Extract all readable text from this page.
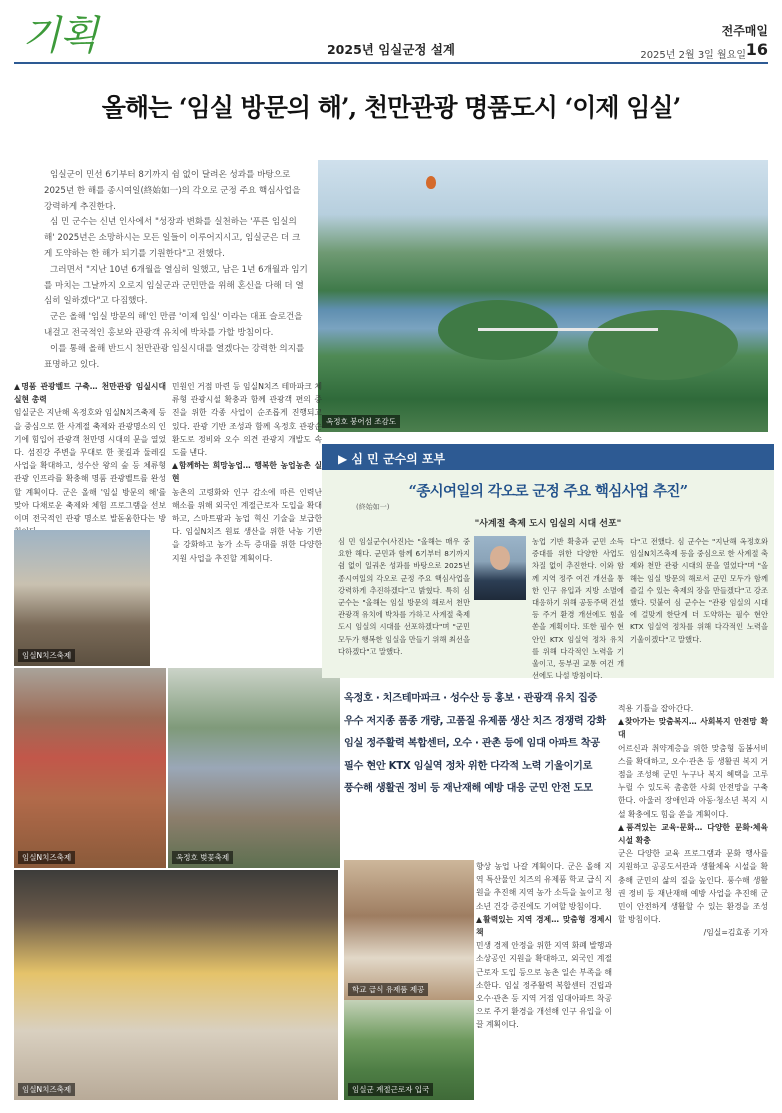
기획	2025년 임실군정 설계
전주매일
2025년 2월 3일 월요일 16
올해는 ‘임실 방문의 해’, 천만관광 명품도시 ‘이제 임실’

임실군이 민선 6기부터 8기까지 쉼 없이 달려온 성과를 바탕으로 2025년 한 해를 종시여일(終始如一)의 각오로 군정 주요 핵심사업을 강력하게 추진한다.

심 민 군수는 신년 인사에서 "성장과 변화를 실천하는 '푸른 임실의 해' 2025년은 소망하시는 모든 일들이 이루어지시고, 임실군은 더 크게 도약하는 한 해가 되기를 기원한다"고 전했다.

그러면서 "지난 10년 6개월을 열심히 일했고, 남은 1년 6개월과 임기를 마치는 그날까지 오로지 임실군과 군민만을 위해 혼신을 다해 더 열심히 일하겠다"고 다짐했다.

군은 올해 '임실 방문의 해'인 만큼 '이제 임실' 이라는 대표 슬로건을 내걸고 전국적인 홍보와 관광객 유치에 박차를 가할 방침이다.

이를 통해 올해 반드시 천만관광 임실시대를 열겠다는 강력한 의지를 표명하고 있다.

옥정호 붕어섬 조감도
▲명품 관광벨트 구축… 천만관광 임실시대 실현 총력
임실군은 지난해 옥정호와 임실N치즈축제 등을 중심으로 한 사계절 축제와 관광명소의 인기에 힘입어 관광객 천만명 시대의 문을 열었다. 섬진강 주변을 무대로 한 꽃길과 둘레길 사업을 확대하고, 성수산 왕의 숲 등 체류형 관광 인프라를 확충해 명품 관광벨트를 완성할 계획이다. 군은 올해 '임실 방문의 해'를 맞아 다채로운 축제와 체험 프로그램을 선보이며 전국적인 관광 명소로 발돋움한다는 방
민원인 거점 마련 등 임실N치즈 테마파크 체류형 관광시설 확충과 함께 관광객 편의 증진을 위한 각종 사업이 순조롭게 진행되고 있다. 관광 기반 조성과 함께 옥정호 관광순환도로 정비와 오수 의견 관광지 개발도 속도를 낸다.
▲함께하는 희망농업… 행복한 농업농촌 실현
농촌의 고령화와 인구 감소에 따른 인력난 해소를 위해 외국인 계절근로자 도입을 확대하고, 스마트팜과 농업 혁신 기술을 보급한다. 임실N치즈 원료 생산을 위한 낙농 기반을 강화하고 농가 소득 증대를 위한 다양한 지원 사업을 추진할 계획이다.
임실N치즈축제
임실N치즈축제	옥정호 벚꽃축제
임실N치즈축제
▶ 심 민 군수의 포부
“종시여일의 각오로 군정 주요 핵심사업 추진”
(終始如一)
"사계절 축제 도시 임실의 시대 선포"
심 민 임실군수(사진)는 "올해는 매우 중요한 해다. 군민과 함께 6기부터 8기까지 쉼 없이 일궈온 성과를 바탕으로 2025년 종시여일의 각오로 군정 주요 핵심사업을 강력하게 추진하겠다"고 밝혔다. 특히 심 군수는 "올해는 임실 방문의 해로서 천만관광객 유치에 박차를 가하고 사계절 축제 도시 임실의 시대를 선포하겠다"며 "군민 모두가 행복한 임실을 만들기 위해 최선을 다하겠다"고 말했다.
농업 기반 확충과 군민 소득 증대를 위한 다양한 사업도 차질 없이 추진한다. 이와 함께 지역 정주 여건 개선을 통한 인구 유입과 지방 소멸에 대응하기 위해 공동주택 건설 등 주거 환경 개선에도 힘을 쏟을 계획이다. 또한 필수 현안인 KTX 임실역 정차 유치를 위해 다각적인 노력을 기울이고, 동부권 교통 여건 개선에도 나설 방침이다.
다"고 전했다. 심 군수는 "지난해 옥정호와 임실N치즈축제 등을 중심으로 한 사계절 축제와 천만 관광 시대의 문을 열었다"며 "올해는 임실 방문의 해로서 군민 모두가 함께 즐길 수 있는 축제의 장을 만들겠다"고 강조했다. 덧붙여 심 군수는 "관광 임실의 시대에 걸맞게 한단계 더 도약하는 필수 현안 KTX 임실역 정차를 위해 다각적인 노력을 기울이겠다"고 말했다.
옥정호 · 치즈테마파크 · 성수산 등 홍보 · 관광객 유치 집중
우수 저지종 품종 개량, 고품질 유제품 생산 치즈 경쟁력 강화
임실 정주활력 복합센터, 오수 · 관촌 등에 임대 아파트 착공
필수 현안 KTX 임실역 정차 위한 다각적 노력 기울이기로
풍수해 생활권 정비 등 재난재해 예방 대응 군민 안전 도모
학교 급식 유제품 제공
임실군 계절근로자 입국
향상 농업 나갈 계획이다. 군은 올해 지역 특산물인 치즈의 유제품 학교 급식 지원을 추진해 지역 농가 소득을 높이고 청소년 건강 증진에도 기여할 방침이다.
▲활력있는 지역 경제… 맞춤형 경제시책
민생 경제 안정을 위한 지역 화폐 발행과 소상공인 지원을 확대하고, 외국인 계절근로자 도입 등으로 농촌 일손 부족을 해소한다. 임실 정주활력 복합센터 건립과 오수·관촌 등 지역 거점 임대아파트 착공으로 주거 환경을 개선해 인구 유입을 이끌 계획이다.
적용 기틀을 잡아간다.
▲찾아가는 맞춤복지… 사회복지 안전망 확대
어르신과 취약계층을 위한 맞춤형 돌봄서비스를 확대하고, 오수·관촌 등 생활권 복지 거점을 조성해 군민 누구나 복지 혜택을 고루 누릴 수 있도록 촘촘한 사회 안전망을 구축한다. 아울러 장애인과 아동·청소년 복지 시설 확충에도 힘을 쏟을 계획이다.
▲품격있는 교육·문화… 다양한 문화·체육 시설 확충
군은 다양한 교육 프로그램과 문화 행사를 지원하고 공공도서관과 생활체육 시설을 확충해 군민의 삶의 질을 높인다. 풍수해 생활권 정비 등 재난재해 예방 사업을 추진해 군민이 안전하게 생활할 수 있는 환경을 조성할 방침이다.
/임실=김효종 기자
